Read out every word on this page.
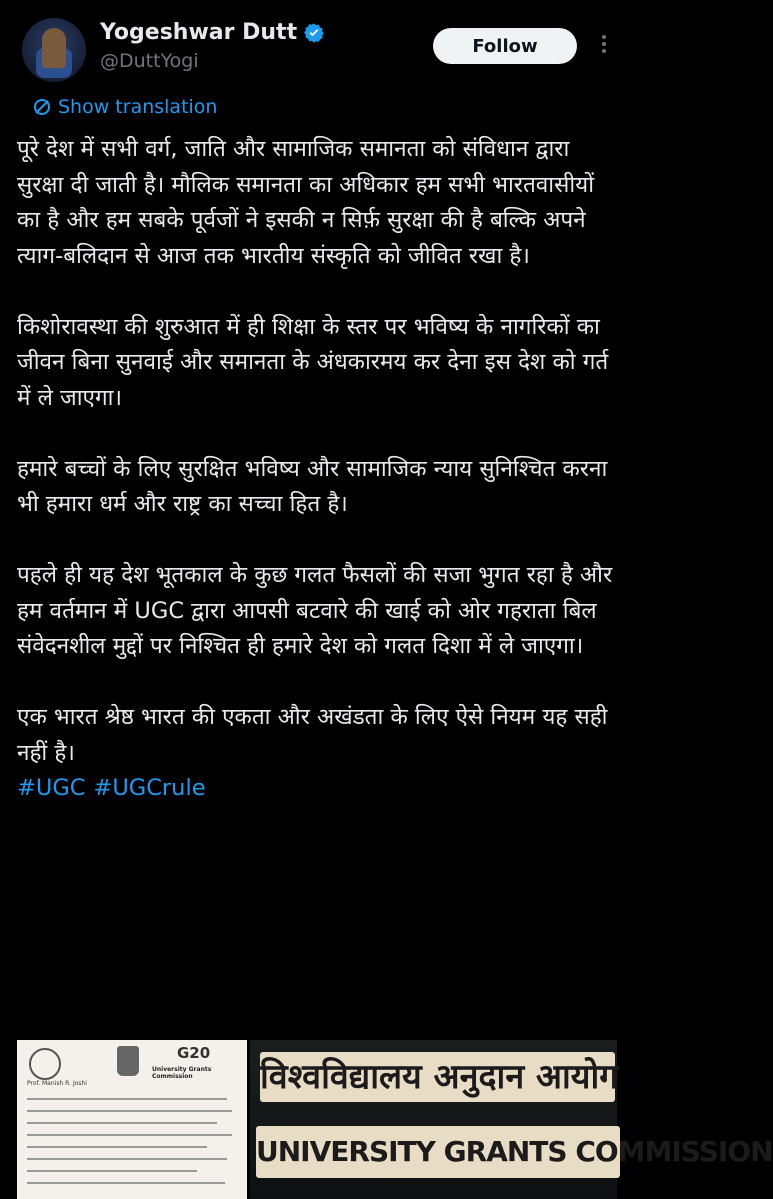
Yogeshwar Dutt
@DuttYogi
Follow
Show translation

पूरे देश में सभी वर्ग, जाति और सामाजिक समानता को संविधान द्वारा सुरक्षा दी जाती है। मौलिक समानता का अधिकार हम सभी भारतवासीयों का है और हम सबके पूर्वजों ने इसकी न सिर्फ़ सुरक्षा की है बल्कि अपने त्याग-बलिदान से आज तक भारतीय संस्कृति को जीवित रखा है।

किशोरावस्था की शुरुआत में ही शिक्षा के स्तर पर भविष्य के नागरिकों का जीवन बिना सुनवाई और समानता के अंधकारमय कर देना इस देश को गर्त में ले जाएगा।

हमारे बच्चों के लिए सुरक्षित भविष्य और सामाजिक न्याय सुनिश्चित करना भी हमारा धर्म और राष्ट्र का सच्चा हित है।

पहले ही यह देश भूतकाल के कुछ गलत फैसलों की सजा भुगत रहा है और हम वर्तमान में UGC द्वारा आपसी बटवारे की खाई को ओर गहराता बिल संवेदनशील मुद्दों पर निश्चित ही हमारे देश को गलत दिशा में ले जाएगा।

एक भारत श्रेष्ठ भारत की एकता और अखंडता के लिए ऐसे नियम यह सही नहीं है।

#UGC #UGCrule
G20
University Grants Commission
Prof. Manish R. Joshi	विश्वविद्यालय अनुदान आयोग
UNIVERSITY GRANTS COMMISSION
